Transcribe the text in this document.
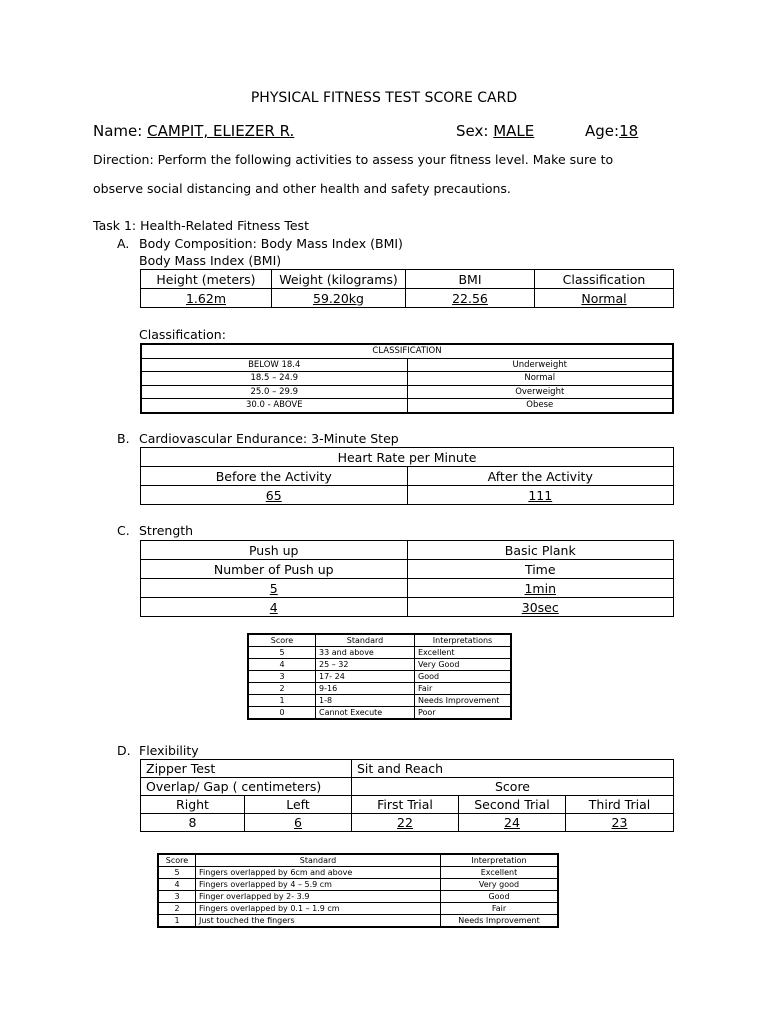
PHYSICAL FITNESS TEST SCORE CARD
Name: CAMPIT, ELIEZER R.	Sex: MALE	Age:18
Direction: Perform the following activities to assess your fitness level. Make sure to
observe social distancing and other health and safety precautions.
Task 1: Health-Related Fitness Test
A. Body Composition: Body Mass Index (BMI)
Body Mass Index (BMI)
Height (meters)	Weight (kilograms)	BMI	Classification
1.62m	59.20kg	22.56	Normal
Classification:
CLASSIFICATION	
BELOW 18.4	Underweight
18.5 – 24.9	Normal
25.0 – 29.9	Overweight
30.0 - ABOVE	Obese
B. Cardiovascular Endurance: 3-Minute Step
Heart Rate per Minute	
Before the Activity	After the Activity
65	111
C. Strength
Push up	Basic Plank
Number of Push up	Time
5	1min
4	30sec
Score	Standard	Interpretations
5	33 and above	Excellent
4	25 – 32	Very Good
3	17- 24	Good
2	9-16	Fair
1	1-8	Needs Improvement
0	Cannot Execute	Poor
D. Flexibility
Zipper Test		Sit and Reach		
Overlap/ Gap ( centimeters)		Score		
Right	Left	First Trial	Second Trial	Third Trial
8	6	22	24	23
Score	Standard	Interpretation
5	Fingers overlapped by 6cm and above	Excellent
4	Fingers overlapped by 4 – 5.9 cm	Very good
3	Finger overlapped by 2- 3.9	Good
2	Fingers overlapped by 0.1 – 1.9 cm	Fair
1	Just touched the fingers	Needs Improvement
